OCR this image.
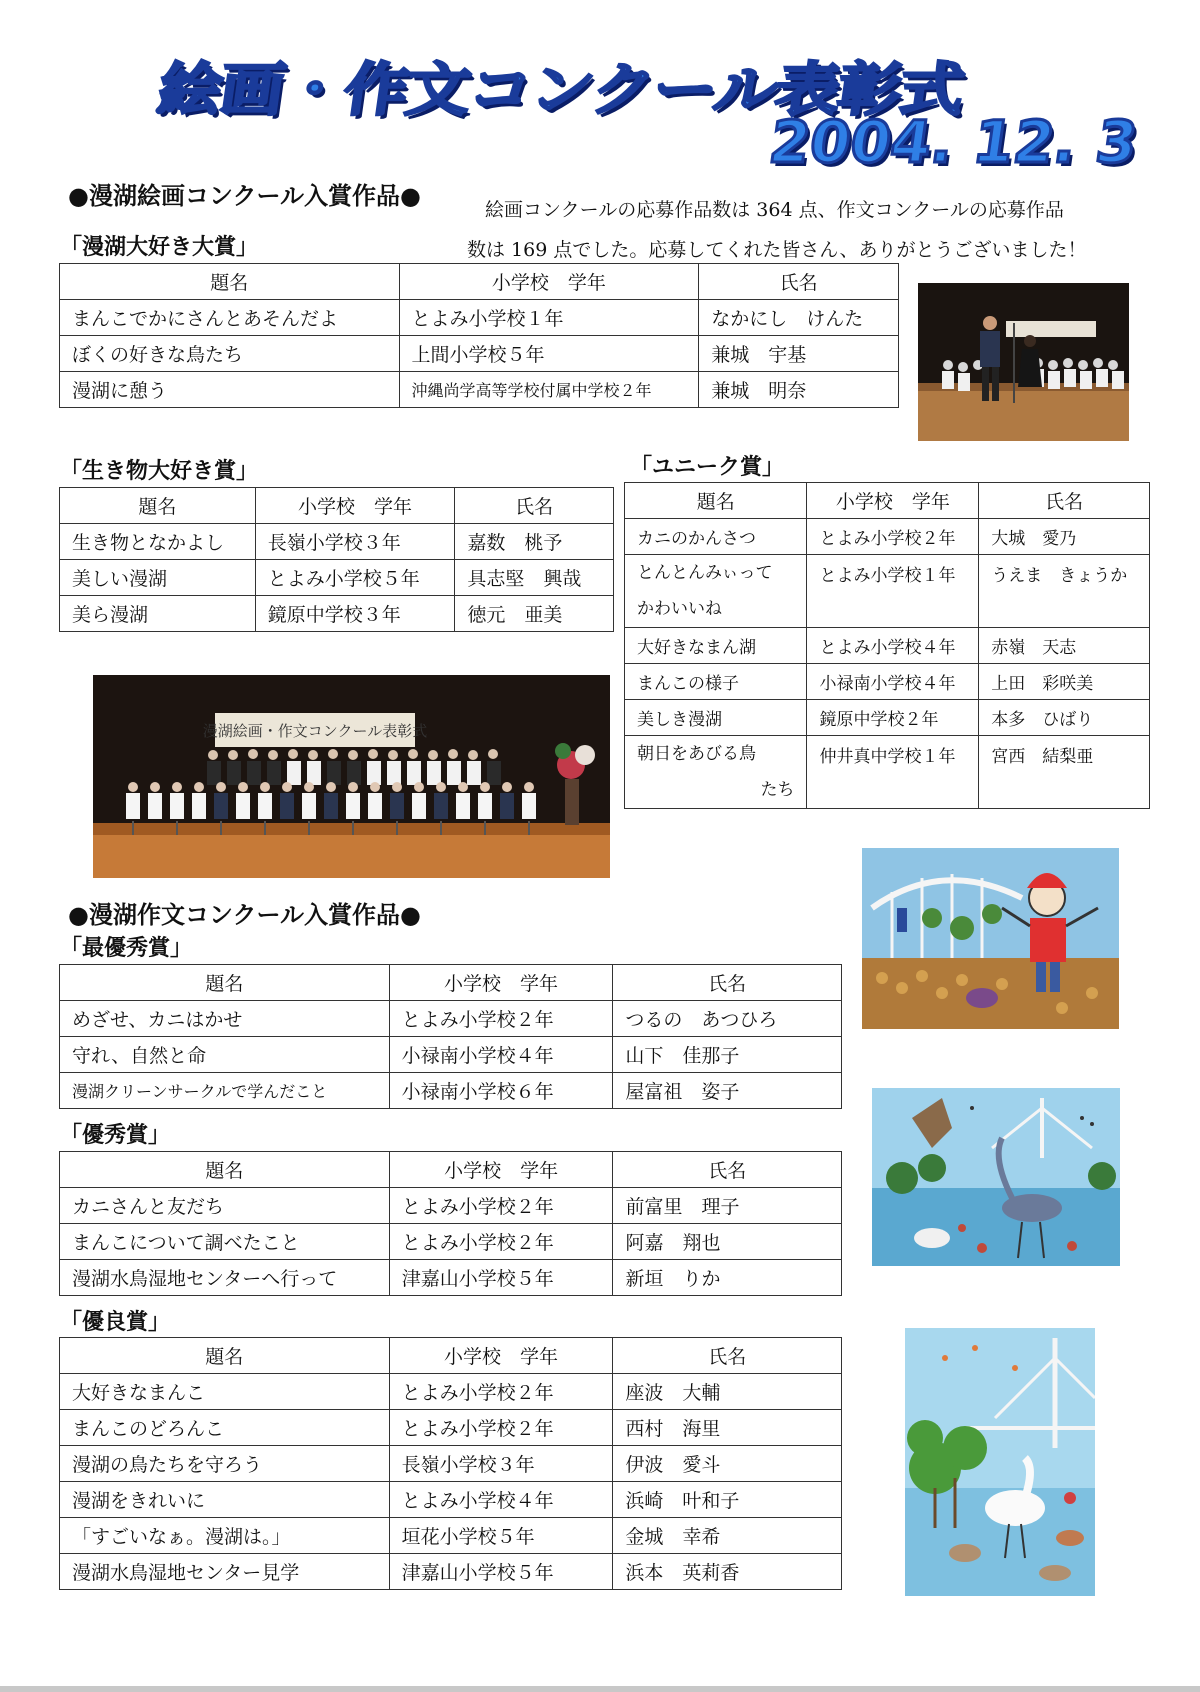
絵画・作文コンクール表彰式
2004. 12. 3
●漫湖絵画コンクール入賞作品●	絵画コンクールの応募作品数は 364 点、作文コンクールの応募作品

数は 169 点でした。応募してくれた皆さん、ありがとうございました！

「漫湖大好き大賞」
題名	小学校　学年	氏名
まんこでかにさんとあそんだよ	とよみ小学校１年	なかにし　けんた
ぼくの好きな鳥たち	上間小学校５年	兼城　宇基
漫湖に憩う	沖縄尚学高等学校付属中学校２年	兼城　明奈
「生き物大好き賞」
題名	小学校　学年	氏名
生き物となかよし	長嶺小学校３年	嘉数　桃予
美しい漫湖	とよみ小学校５年	具志堅　興哉
美ら漫湖	鏡原中学校３年	徳元　亜美
「ユニーク賞」
題名	小学校　学年	氏名
カニのかんさつ	とよみ小学校２年	大城　愛乃
とんとんみぃって
かわいいね	とよみ小学校１年	うえま　きょうか
大好きなまん湖	とよみ小学校４年	赤嶺　天志
まんこの様子	小禄南小学校４年	上田　彩咲美
美しき漫湖	鏡原中学校２年	本多　ひばり
朝日をあびる鳥

たち	仲井真中学校１年	宮西　結梨亜
漫湖絵画・作文コンクール表彰式
●漫湖作文コンクール入賞作品●
「最優秀賞」
題名	小学校　学年	氏名
めざせ、カニはかせ	とよみ小学校２年	つるの　あつひろ
守れ、自然と命	小禄南小学校４年	山下　佳那子
漫湖クリーンサークルで学んだこと	小禄南小学校６年	屋富祖　姿子
「優秀賞」
題名	小学校　学年	氏名
カニさんと友だち	とよみ小学校２年	前富里　理子
まんこについて調べたこと	とよみ小学校２年	阿嘉　翔也
漫湖水鳥湿地センターへ行って	津嘉山小学校５年	新垣　りか
「優良賞」
題名	小学校　学年	氏名
大好きなまんこ	とよみ小学校２年	座波　大輔
まんこのどろんこ	とよみ小学校２年	西村　海里
漫湖の鳥たちを守ろう	長嶺小学校３年	伊波　愛斗
漫湖をきれいに	とよみ小学校４年	浜崎　叶和子
「すごいなぁ。漫湖は。」	垣花小学校５年	金城　幸希
漫湖水鳥湿地センター見学	津嘉山小学校５年	浜本　英莉香
